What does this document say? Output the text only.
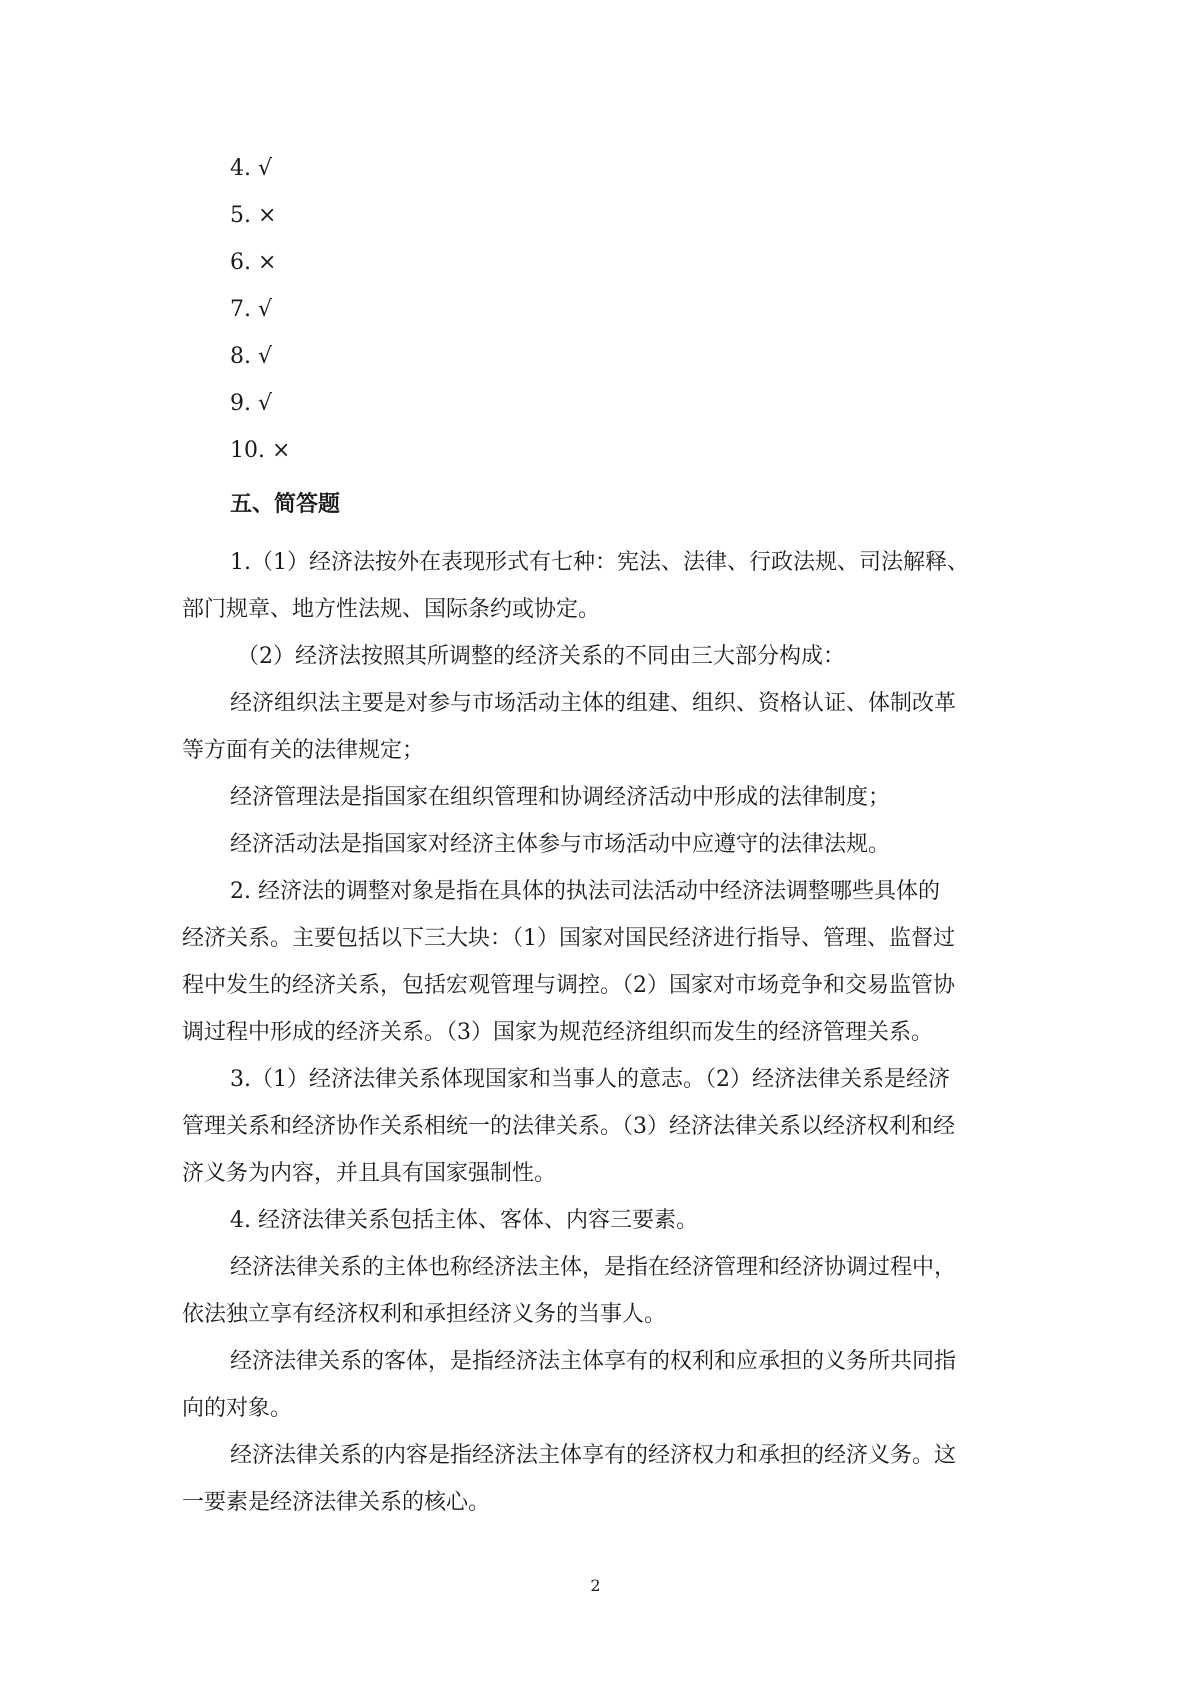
4. √
5. ×
6. ×
7. √
8. √
9. √
10. ×
五、简答题
1.（1）经济法按外在表现形式有七种：宪法、法律、行政法规、司法解释、
部门规章、地方性法规、国际条约或协定。
（2）经济法按照其所调整的经济关系的不同由三大部分构成：
经济组织法主要是对参与市场活动主体的组建、组织、资格认证、体制改革
等方面有关的法律规定；
经济管理法是指国家在组织管理和协调经济活动中形成的法律制度；
经济活动法是指国家对经济主体参与市场活动中应遵守的法律法规。
2. 经济法的调整对象是指在具体的执法司法活动中经济法调整哪些具体的
经济关系。主要包括以下三大块：（1）国家对国民经济进行指导、管理、监督过
程中发生的经济关系，包括宏观管理与调控。（2）国家对市场竞争和交易监管协
调过程中形成的经济关系。（3）国家为规范经济组织而发生的经济管理关系。
3.（1）经济法律关系体现国家和当事人的意志。（2）经济法律关系是经济
管理关系和经济协作关系相统一的法律关系。（3）经济法律关系以经济权利和经
济义务为内容，并且具有国家强制性。
4. 经济法律关系包括主体、客体、内容三要素。
经济法律关系的主体也称经济法主体，是指在经济管理和经济协调过程中，
依法独立享有经济权利和承担经济义务的当事人。
经济法律关系的客体，是指经济法主体享有的权利和应承担的义务所共同指
向的对象。
经济法律关系的内容是指经济法主体享有的经济权力和承担的经济义务。这
一要素是经济法律关系的核心。
2
